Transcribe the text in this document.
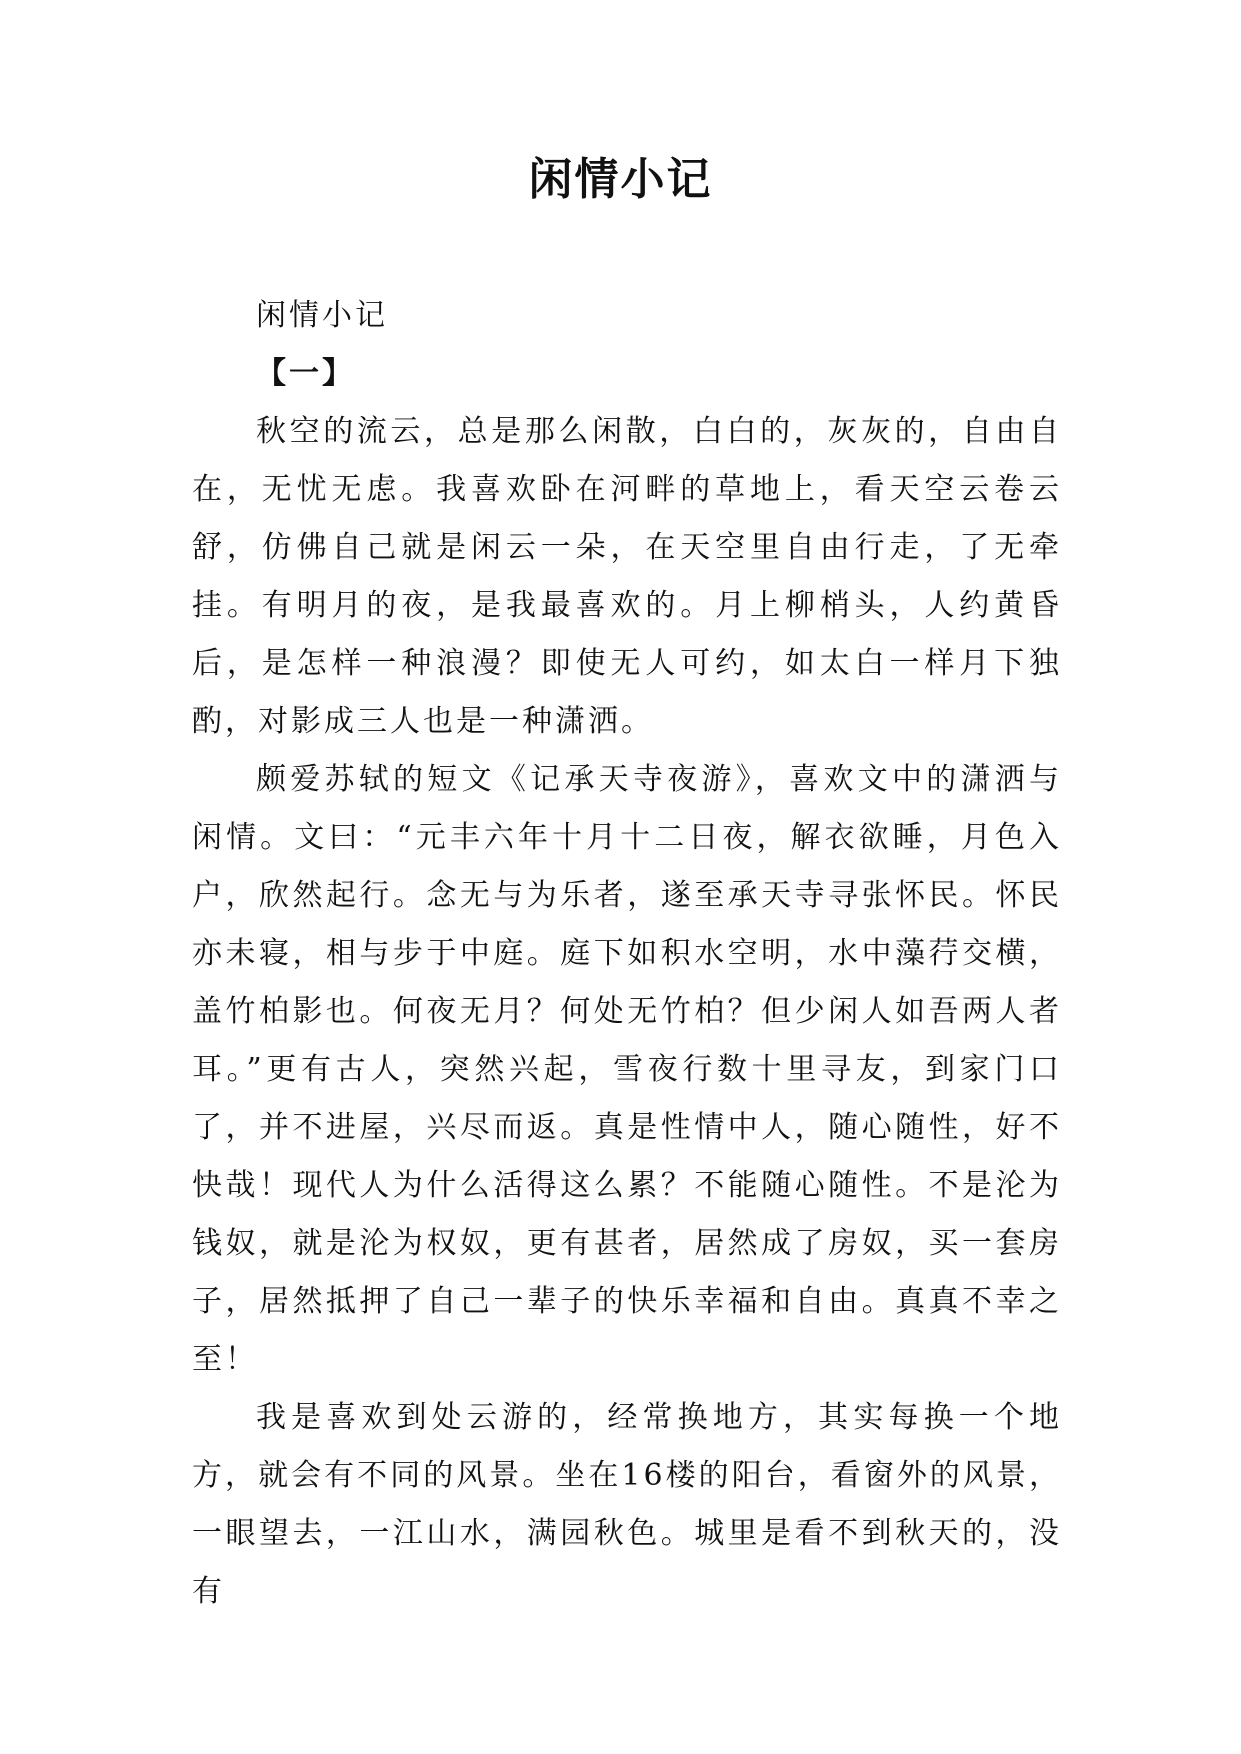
闲情小记

闲情小记

【一】

秋空的流云，总是那么闲散，白白的，灰灰的，自由自在，无忧无虑。我喜欢卧在河畔的草地上，看天空云卷云舒，仿佛自己就是闲云一朵，在天空里自由行走，了无牵挂。有明月的夜，是我最喜欢的。月上柳梢头，人约黄昏后，是怎样一种浪漫？即使无人可约，如太白一样月下独酌，对影成三人也是一种潇洒。

颇爱苏轼的短文《记承天寺夜游》，喜欢文中的潇洒与闲情。文曰：“元丰六年十月十二日夜，解衣欲睡，月色入户，欣然起行。念无与为乐者，遂至承天寺寻张怀民。怀民亦未寝，相与步于中庭。庭下如积水空明，水中藻荇交横，盖竹柏影也。何夜无月？何处无竹柏？但少闲人如吾两人者耳。”更有古人，突然兴起，雪夜行数十里寻友，到家门口了，并不进屋，兴尽而返。真是性情中人，随心随性，好不快哉！现代人为什么活得这么累？不能随心随性。不是沦为钱奴，就是沦为权奴，更有甚者，居然成了房奴，买一套房子，居然抵押了自己一辈子的快乐幸福和自由。真真不幸之至！

我是喜欢到处云游的，经常换地方，其实每换一个地方，就会有不同的风景。坐在16楼的阳台，看窗外的风景，一眼望去，一江山水，满园秋色。城里是看不到秋天的，没有
